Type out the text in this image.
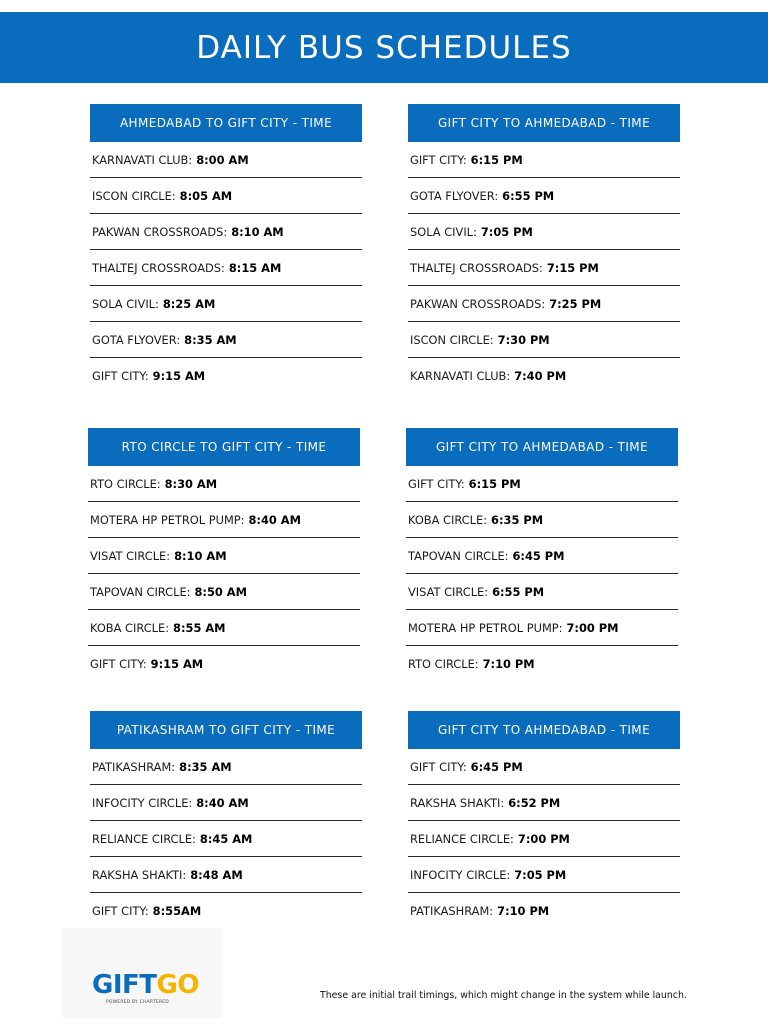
DAILY BUS SCHEDULES
AHMEDABAD TO GIFT CITY - TIME
KARNAVATI CLUB: 8:00 AM
ISCON CIRCLE: 8:05 AM
PAKWAN CROSSROADS: 8:10 AM
THALTEJ CROSSROADS: 8:15 AM
SOLA CIVIL: 8:25 AM
GOTA FLYOVER: 8:35 AM
GIFT CITY: 9:15 AM
GIFT CITY TO AHMEDABAD - TIME
GIFT CITY: 6:15 PM
GOTA FLYOVER: 6:55 PM
SOLA CIVIL: 7:05 PM
THALTEJ CROSSROADS: 7:15 PM
PAKWAN CROSSROADS: 7:25 PM
ISCON CIRCLE: 7:30 PM
KARNAVATI CLUB: 7:40 PM
RTO CIRCLE TO GIFT CITY - TIME
RTO CIRCLE: 8:30 AM
MOTERA HP PETROL PUMP: 8:40 AM
VISAT CIRCLE: 8:10 AM
TAPOVAN CIRCLE: 8:50 AM
KOBA CIRCLE: 8:55 AM
GIFT CITY: 9:15 AM
GIFT CITY TO AHMEDABAD - TIME
GIFT CITY: 6:15 PM
KOBA CIRCLE: 6:35 PM
TAPOVAN CIRCLE: 6:45 PM
VISAT CIRCLE: 6:55 PM
MOTERA HP PETROL PUMP: 7:00 PM
RTO CIRCLE: 7:10 PM
PATIKASHRAM TO GIFT CITY - TIME
PATIKASHRAM: 8:35 AM
INFOCITY CIRCLE: 8:40 AM
RELIANCE CIRCLE: 8:45 AM
RAKSHA SHAKTI: 8:48 AM
GIFT CITY: 8:55AM
GIFT CITY TO AHMEDABAD - TIME
GIFT CITY: 6:45 PM
RAKSHA SHAKTI: 6:52 PM
RELIANCE CIRCLE: 7:00 PM
INFOCITY CIRCLE: 7:05 PM
PATIKASHRAM: 7:10 PM
GIFTGO
POWERED BY CHARTERED
These are initial trail timings, which might change in the system while launch.
